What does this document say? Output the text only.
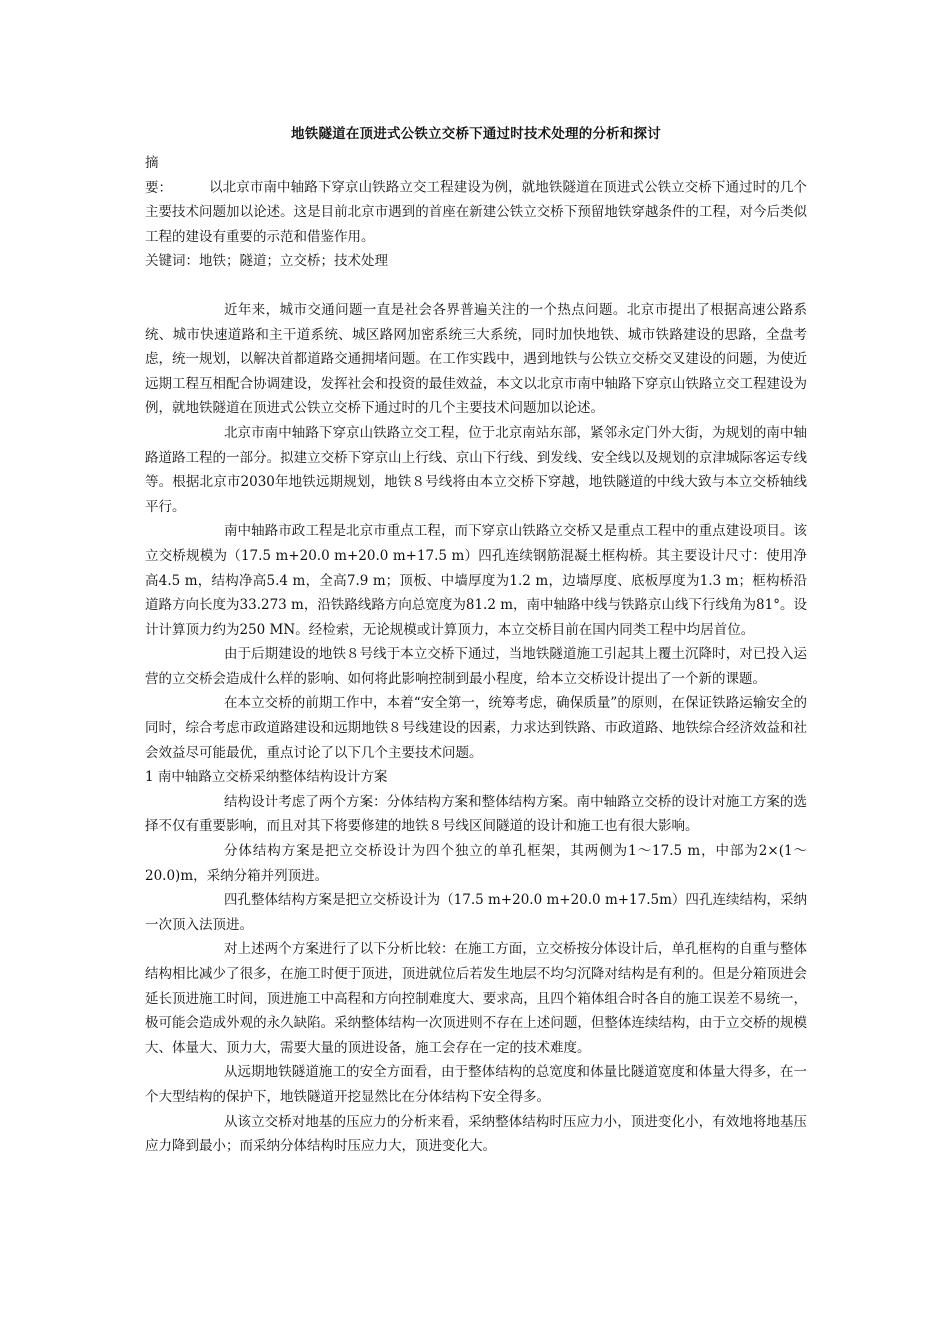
地铁隧道在顶进式公铁立交桥下通过时技术处理的分析和探讨

摘　　要：	以北京市南中轴路下穿京山铁路立交工程建设为例，就地铁隧道在顶进式公铁立交桥下通过时的几个主要技术问题加以论述。这是目前北京市遇到的首座在新建公铁立交桥下预留地铁穿越条件的工程，对今后类似工程的建设有重要的示范和借鉴作用。

关键词：地铁；隧道；立交桥；技术处理

近年来，城市交通问题一直是社会各界普遍关注的一个热点问题。北京市提出了根据高速公路系统、城市快速道路和主干道系统、城区路网加密系统三大系统，同时加快地铁、城市铁路建设的思路，全盘考虑，统一规划，以解决首都道路交通拥堵问题。在工作实践中，遇到地铁与公铁立交桥交叉建设的问题，为使近远期工程互相配合协调建设，发挥社会和投资的最佳效益，本文以北京市南中轴路下穿京山铁路立交工程建设为例，就地铁隧道在顶进式公铁立交桥下通过时的几个主要技术问题加以论述。

北京市南中轴路下穿京山铁路立交工程，位于北京南站东部，紧邻永定门外大街，为规划的南中轴路道路工程的一部分。拟建立交桥下穿京山上行线、京山下行线、到发线、安全线以及规划的京津城际客运专线等。根据北京市2030年地铁远期规划，地铁８号线将由本立交桥下穿越，地铁隧道的中线大致与本立交桥轴线平行。

南中轴路市政工程是北京市重点工程，而下穿京山铁路立交桥又是重点工程中的重点建设项目。该立交桥规模为（17.5 m+20.0 m+20.0 m+17.5 m）四孔连续钢筋混凝土框构桥。其主要设计尺寸：使用净高4.5 m，结构净高5.4 m，全高7.9 m；顶板、中墙厚度为1.2 m，边墙厚度、底板厚度为1.3 m；框构桥沿道路方向长度为33.273 m，沿铁路线路方向总宽度为81.2 m，南中轴路中线与铁路京山线下行线角为81°。设计计算顶力约为250 MN。经检索，无论规模或计算顶力，本立交桥目前在国内同类工程中均居首位。

由于后期建设的地铁８号线于本立交桥下通过，当地铁隧道施工引起其上覆土沉降时，对已投入运营的立交桥会造成什么样的影响、如何将此影响控制到最小程度，给本立交桥设计提出了一个新的课题。

在本立交桥的前期工作中，本着“安全第一，统筹考虑，确保质量”的原则，在保证铁路运输安全的同时，综合考虑市政道路建设和远期地铁８号线建设的因素，力求达到铁路、市政道路、地铁综合经济效益和社会效益尽可能最优，重点讨论了以下几个主要技术问题。

1 南中轴路立交桥采纳整体结构设计方案

结构设计考虑了两个方案：分体结构方案和整体结构方案。南中轴路立交桥的设计对施工方案的选择不仅有重要影响，而且对其下将要修建的地铁８号线区间隧道的设计和施工也有很大影响。

分体结构方案是把立交桥设计为四个独立的单孔框架，其两侧为1～17.5 m，中部为2×(1～20.0)m，采纳分箱并列顶进。

四孔整体结构方案是把立交桥设计为（17.5 m+20.0 m+20.0 m+17.5m）四孔连续结构，采纳一次顶入法顶进。

对上述两个方案进行了以下分析比较：在施工方面，立交桥按分体设计后，单孔框构的自重与整体结构相比减少了很多，在施工时便于顶进，顶进就位后若发生地层不均匀沉降对结构是有利的。但是分箱顶进会延长顶进施工时间，顶进施工中高程和方向控制难度大、要求高，且四个箱体组合时各自的施工误差不易统一，极可能会造成外观的永久缺陷。采纳整体结构一次顶进则不存在上述问题，但整体连续结构，由于立交桥的规模大、体量大、顶力大，需要大量的顶进设备，施工会存在一定的技术难度。

从远期地铁隧道施工的安全方面看，由于整体结构的总宽度和体量比隧道宽度和体量大得多，在一个大型结构的保护下，地铁隧道开挖显然比在分体结构下安全得多。

从该立交桥对地基的压应力的分析来看，采纳整体结构时压应力小，顶进变化小，有效地将地基压应力降到最小；而采纳分体结构时压应力大，顶进变化大。
